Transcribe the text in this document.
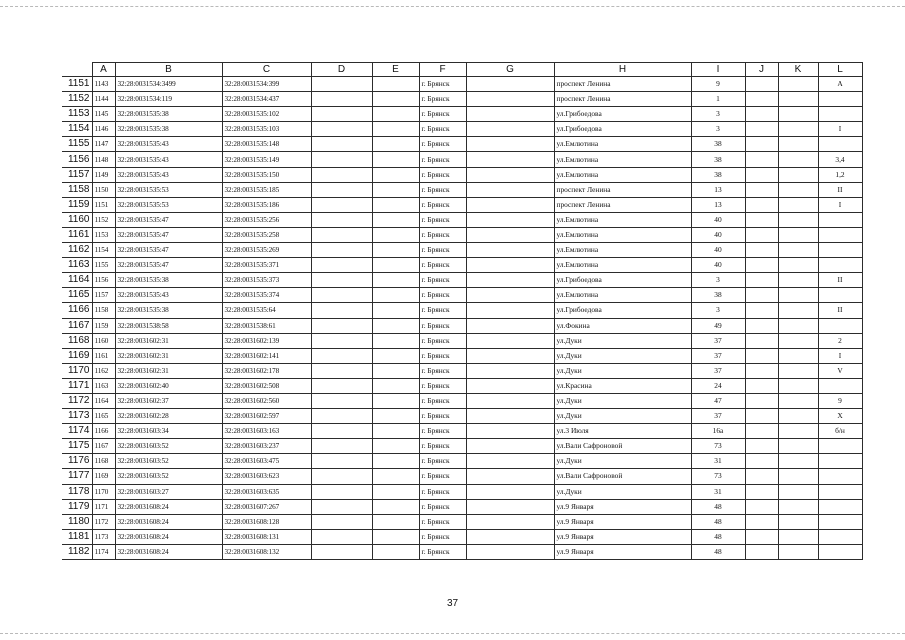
	A	B	C	D	E	F	G	H	I	J	K	L
1151	1143	32:28:0031534:3499	32:28:0031534:399			г. Брянск		проспект Ленина	9			А
1152	1144	32:28:0031534:119	32:28:0031534:437			г. Брянск		проспект Ленина	1			
1153	1145	32:28:0031535:38	32:28:0031535:102			г. Брянск		ул.Грибоедова	3			
1154	1146	32:28:0031535:38	32:28:0031535:103			г. Брянск		ул.Грибоедова	3			I
1155	1147	32:28:0031535:43	32:28:0031535:148			г. Брянск		ул.Емлютина	38			
1156	1148	32:28:0031535:43	32:28:0031535:149			г. Брянск		ул.Емлютина	38			3,4
1157	1149	32:28:0031535:43	32:28:0031535:150			г. Брянск		ул.Емлютина	38			1,2
1158	1150	32:28:0031535:53	32:28:0031535:185			г. Брянск		проспект Ленина	13			II
1159	1151	32:28:0031535:53	32:28:0031535:186			г. Брянск		проспект Ленина	13			I
1160	1152	32:28:0031535:47	32:28:0031535:256			г. Брянск		ул.Емлютина	40			
1161	1153	32:28:0031535:47	32:28:0031535:258			г. Брянск		ул.Емлютина	40			
1162	1154	32:28:0031535:47	32:28:0031535:269			г. Брянск		ул.Емлютина	40			
1163	1155	32:28:0031535:47	32:28:0031535:371			г. Брянск		ул.Емлютина	40			
1164	1156	32:28:0031535:38	32:28:0031535:373			г. Брянск		ул.Грибоедова	3			II
1165	1157	32:28:0031535:43	32:28:0031535:374			г. Брянск		ул.Емлютина	38			
1166	1158	32:28:0031535:38	32:28:0031535:64			г. Брянск		ул.Грибоедова	3			II
1167	1159	32:28:0031538:58	32:28:0031538:61			г. Брянск		ул.Фокина	49			
1168	1160	32:28:0031602:31	32:28:0031602:139			г. Брянск		ул.Дуки	37			2
1169	1161	32:28:0031602:31	32:28:0031602:141			г. Брянск		ул.Дуки	37			I
1170	1162	32:28:0031602:31	32:28:0031602:178			г. Брянск		ул.Дуки	37			V
1171	1163	32:28:0031602:40	32:28:0031602:508			г. Брянск		ул.Красина	24			
1172	1164	32:28:0031602:37	32:28:0031602:560			г. Брянск		ул.Дуки	47			9
1173	1165	32:28:0031602:28	32:28:0031602:597			г. Брянск		ул.Дуки	37			X
1174	1166	32:28:0031603:34	32:28:0031603:163			г. Брянск		ул.3 Июля	16а			б/н
1175	1167	32:28:0031603:52	32:28:0031603:237			г. Брянск		ул.Вали Сафроновой	73			
1176	1168	32:28:0031603:52	32:28:0031603:475			г. Брянск		ул.Дуки	31			
1177	1169	32:28:0031603:52	32:28:0031603:623			г. Брянск		ул.Вали Сафроновой	73			
1178	1170	32:28:0031603:27	32:28:0031603:635			г. Брянск		ул.Дуки	31			
1179	1171	32:28:0031608:24	32:28:0031607:267			г. Брянск		ул.9 Января	48			
1180	1172	32:28:0031608:24	32:28:0031608:128			г. Брянск		ул.9 Января	48			
1181	1173	32:28:0031608:24	32:28:0031608:131			г. Брянск		ул.9 Января	48			
1182	1174	32:28:0031608:24	32:28:0031608:132			г. Брянск		ул.9 Января	48			
37
